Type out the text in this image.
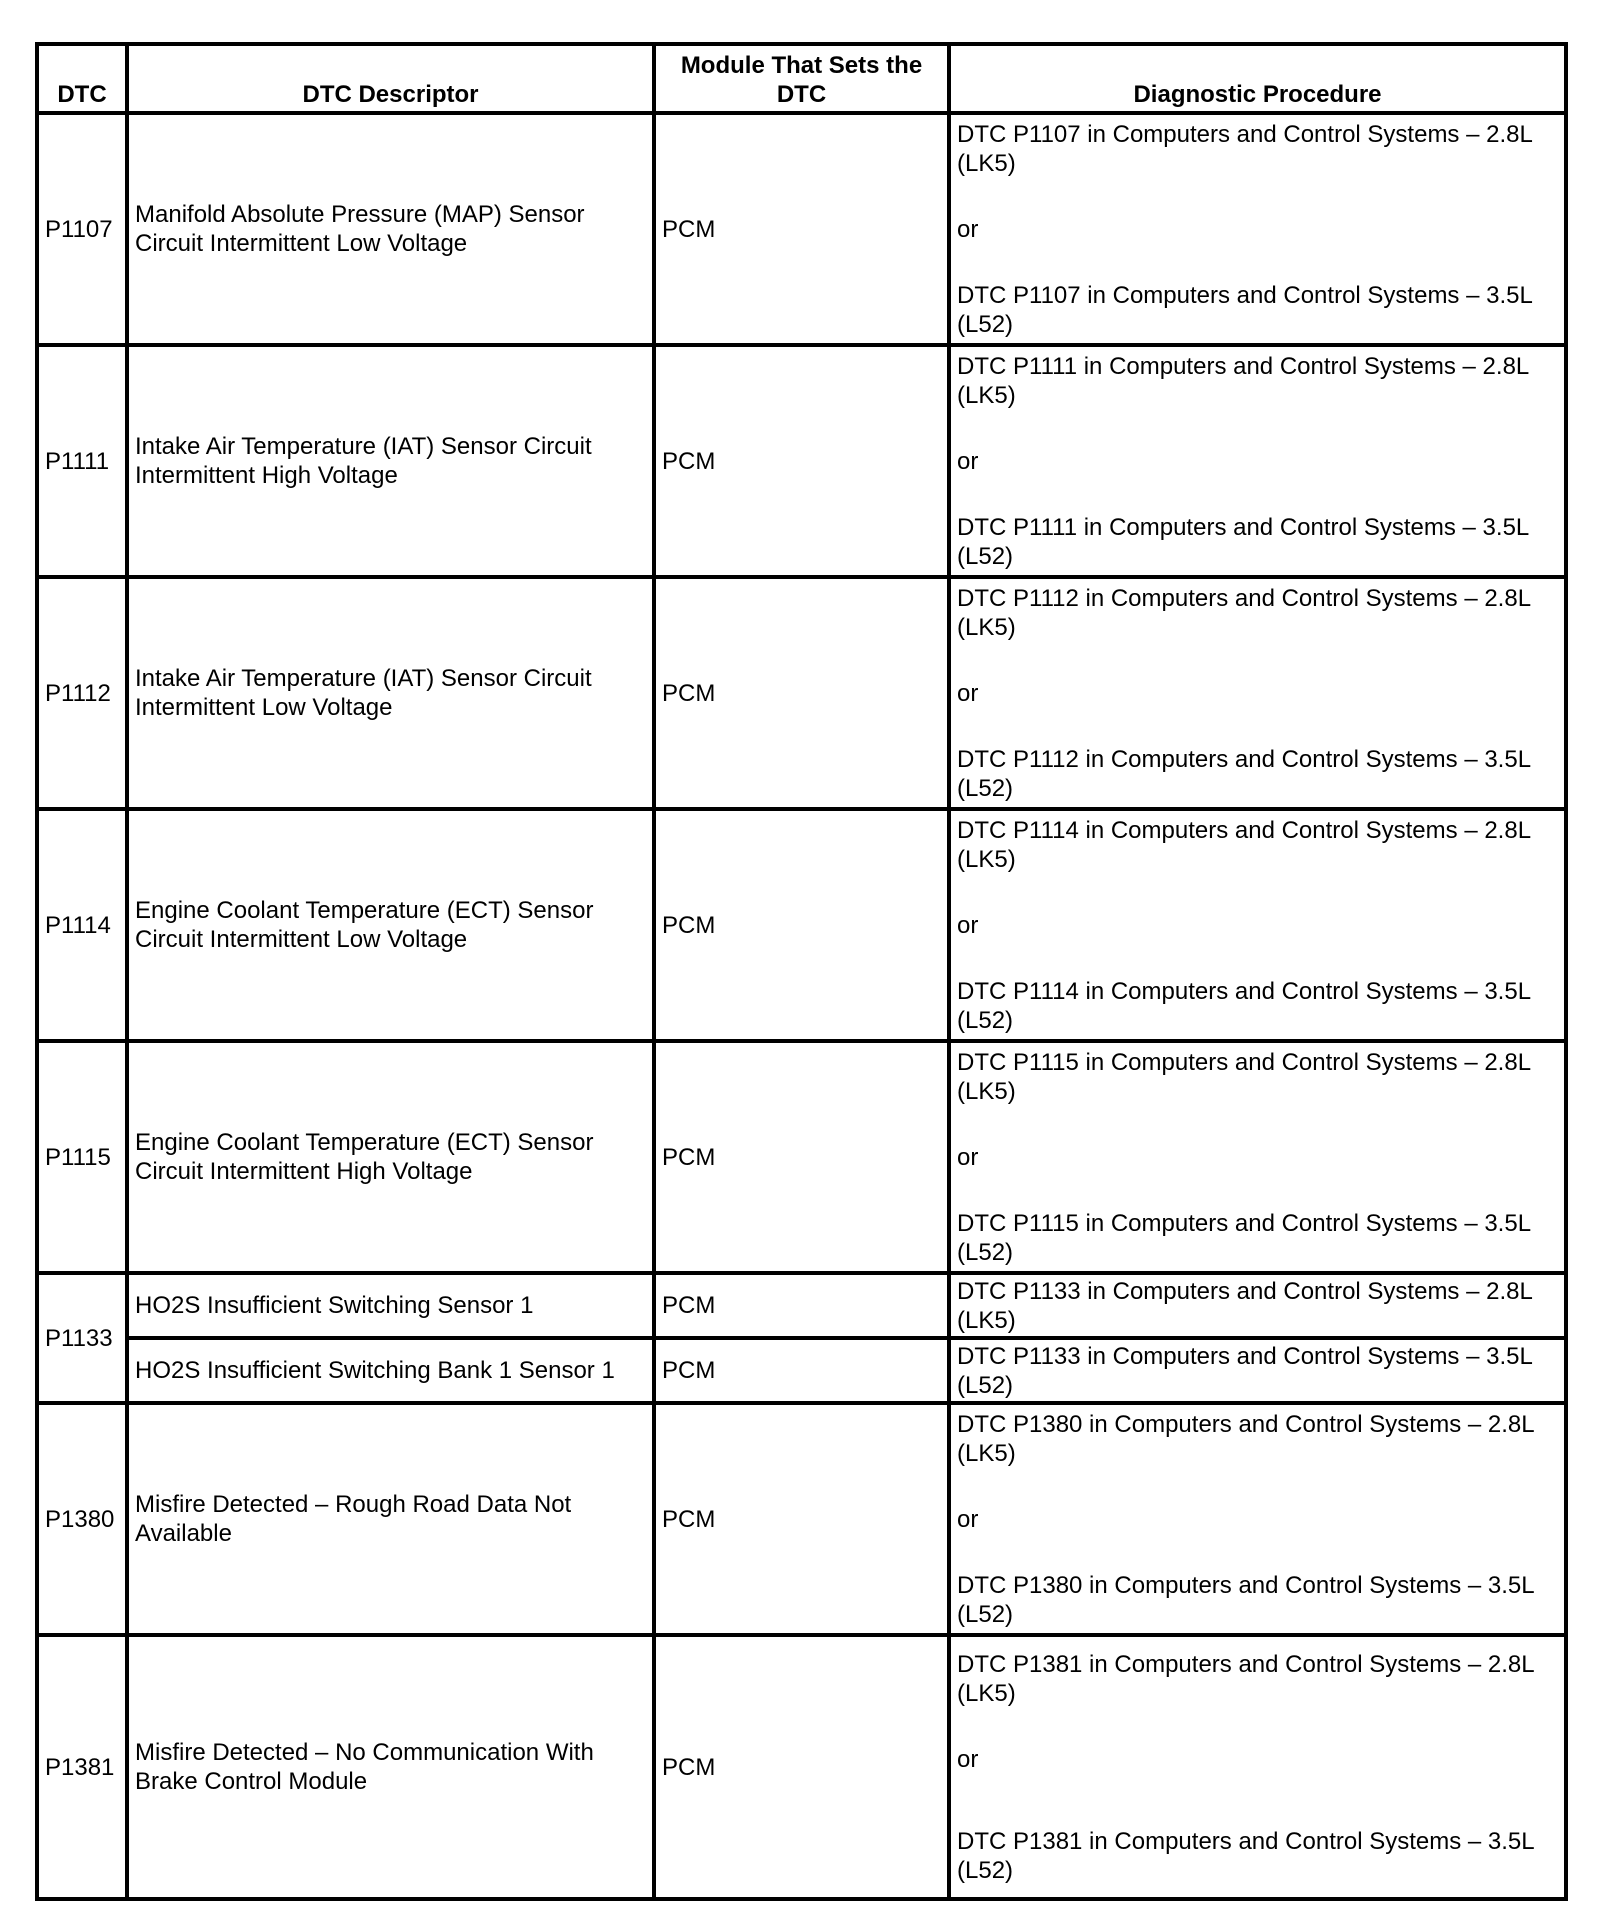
DTC	DTC Descriptor	Module That Sets the DTC	Diagnostic Procedure
P1107	Manifold Absolute Pressure (MAP) Sensor Circuit Intermittent Low Voltage	PCM	DTC P1107 in Computers and Control Systems – 2.8L (LK5)
or
DTC P1107 in Computers and Control Systems – 3.5L (L52)

P1111	Intake Air Temperature (IAT) Sensor Circuit Intermittent High Voltage	PCM	DTC P1111 in Computers and Control Systems – 2.8L (LK5)
or
DTC P1111 in Computers and Control Systems – 3.5L (L52)

P1112	Intake Air Temperature (IAT) Sensor Circuit Intermittent Low Voltage	PCM	DTC P1112 in Computers and Control Systems – 2.8L (LK5)
or
DTC P1112 in Computers and Control Systems – 3.5L (L52)

P1114	Engine Coolant Temperature (ECT) Sensor Circuit Intermittent Low Voltage	PCM	DTC P1114 in Computers and Control Systems – 2.8L (LK5)
or
DTC P1114 in Computers and Control Systems – 3.5L (L52)

P1115	Engine Coolant Temperature (ECT) Sensor Circuit Intermittent High Voltage	PCM	DTC P1115 in Computers and Control Systems – 2.8L (LK5)
or
DTC P1115 in Computers and Control Systems – 3.5L (L52)

P1133	HO2S Insufficient Switching Sensor 1	PCM	DTC P1133 in Computers and Control Systems – 2.8L (LK5)

	HO2S Insufficient Switching Bank 1 Sensor 1	PCM	DTC P1133 in Computers and Control Systems – 3.5L (L52)

P1380	Misfire Detected – Rough Road Data Not Available	PCM	DTC P1380 in Computers and Control Systems – 2.8L (LK5)
or
DTC P1380 in Computers and Control Systems – 3.5L (L52)

P1381	Misfire Detected – No Communication With Brake Control Module	PCM	DTC P1381 in Computers and Control Systems – 2.8L (LK5)
or
DTC P1381 in Computers and Control Systems – 3.5L (L52)
